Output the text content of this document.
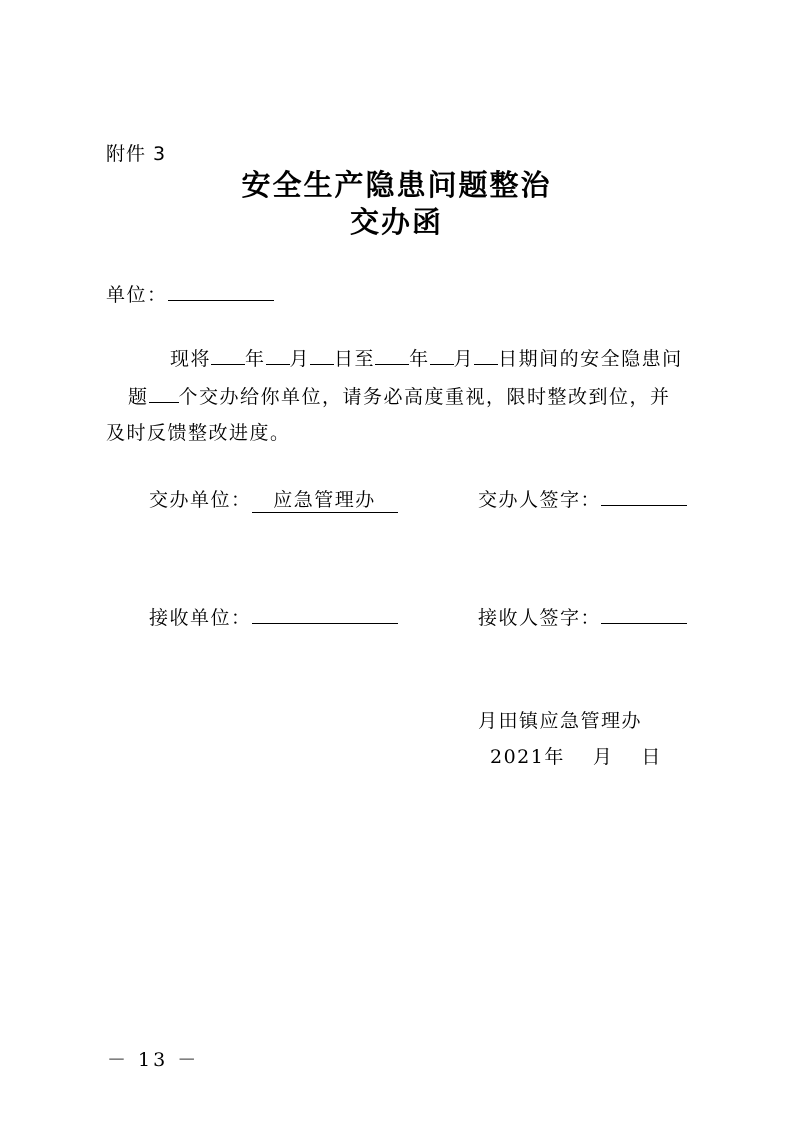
附件 3
安全生产隐患问题整治
交办函
单位：
现将 年 月 日至 年 月 日期间的安全隐患问
题 个交办给你单位，请务必高度重视，限时整改到位，并
及时反馈整改进度。
交办单位： 应急管理办	交办人签字：
接收单位：	接收人签字：
月田镇应急管理办
2021年 月 日
－ 13 －
